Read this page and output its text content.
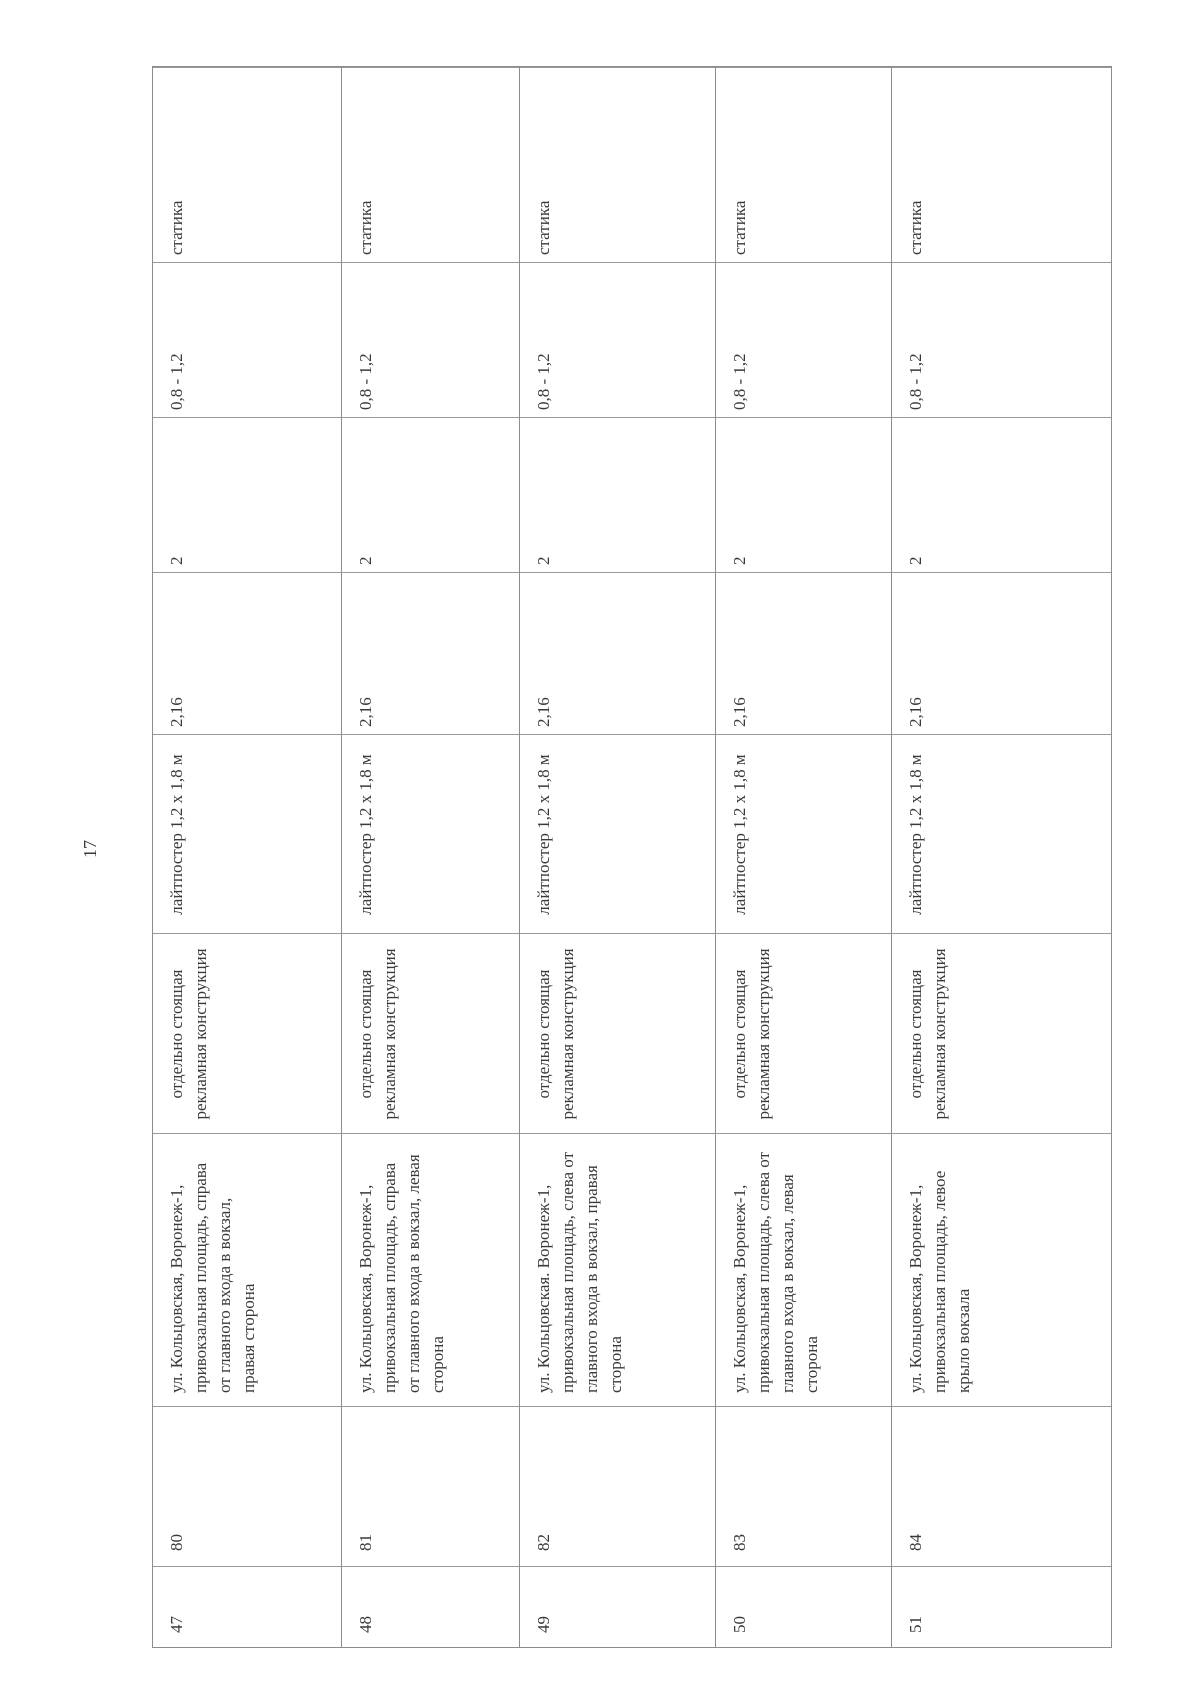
17
47
80
ул. Кольцовская, Воронеж-1, привокзальная площадь, справа от главного входа в вокзал, правая сторона
отдельно стоящая рекламная конструкция
лайтпостер 1,2 х 1,8 м
2,16
2
0,8 - 1,2
статика
48
81
ул. Кольцовская, Воронеж-1, привокзальная площадь, справа от главного входа в вокзал, левая сторона
отдельно стоящая рекламная конструкция
лайтпостер 1,2 х 1,8 м
2,16
2
0,8 - 1,2
статика
49
82
ул. Кольцовская. Воронеж-1, привокзальная площадь, слева от главного входа в вокзал, правая сторона
отдельно стоящая рекламная конструкция
лайтпостер 1,2 х 1,8 м
2,16
2
0,8 - 1,2
статика
50
83
ул. Кольцовская, Воронеж-1, привокзальная площадь, слева от главного входа в вокзал, левая сторона
отдельно стоящая рекламная конструкция
лайтпостер 1,2 х 1,8 м
2,16
2
0,8 - 1,2
статика
51
84
ул. Кольцовская, Воронеж-1, привокзальная площадь, левое крыло вокзала
отдельно стоящая рекламная конструкция
лайтпостер 1,2 х 1,8 м
2,16
2
0,8 - 1,2
статика
